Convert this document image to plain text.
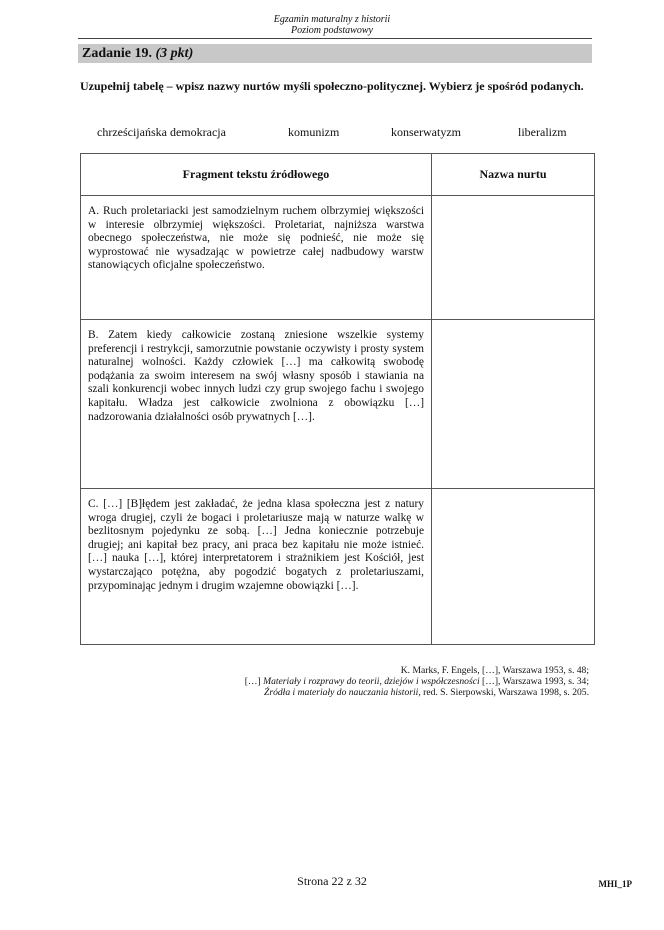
Egzamin maturalny z historii
Poziom podstawowy
Zadanie 19. (3 pkt)
Uzupełnij tabelę – wpisz nazwy nurtów myśli społeczno-politycznej. Wybierz je spośród podanych.
chrześcijańska demokracja	komunizm	konserwatyzm	liberalizm
Fragment tekstu źródłowego	Nazwa nurtu
A. Ruch proletariacki jest samodzielnym ruchem olbrzymiej większości w interesie olbrzymiej większości. Proletariat, najniższa warstwa obecnego społeczeństwa, nie może się podnieść, nie może się wyprostować nie wysadzając w powietrze całej nadbudowy warstw stanowiących oficjalne społeczeństwo.	
B. Zatem kiedy całkowicie zostaną zniesione wszelkie systemy preferencji i restrykcji, samorzutnie powstanie oczywisty i prosty system naturalnej wolności. Każdy człowiek […] ma całkowitą swobodę podążania za swoim interesem na swój własny sposób i stawiania na szali konkurencji wobec innych ludzi czy grup swojego fachu i swojego kapitału. Władza jest całkowicie zwolniona z obowiązku […] nadzorowania działalności osób prywatnych […].	
C. […] [B]łędem jest zakładać, że jedna klasa społeczna jest z natury wroga drugiej, czyli że bogaci i proletariusze mają w naturze walkę w bezlitosnym pojedynku ze sobą. […] Jedna koniecznie potrzebuje drugiej; ani kapitał bez pracy, ani praca bez kapitału nie może istnieć. […] nauka […], której interpretatorem i strażnikiem jest Kościół, jest wystarczająco potężna, aby pogodzić bogatych z proletariuszami, przypominając jednym i drugim wzajemne obowiązki […].	
K. Marks, F. Engels, […], Warszawa 1953, s. 48;
[…] Materiały i rozprawy do teorii, dziejów i współczesności […], Warszawa 1993, s. 34;
Źródła i materiały do nauczania historii, red. S. Sierpowski, Warszawa 1998, s. 205.
Strona 22 z 32	MHI_1P
